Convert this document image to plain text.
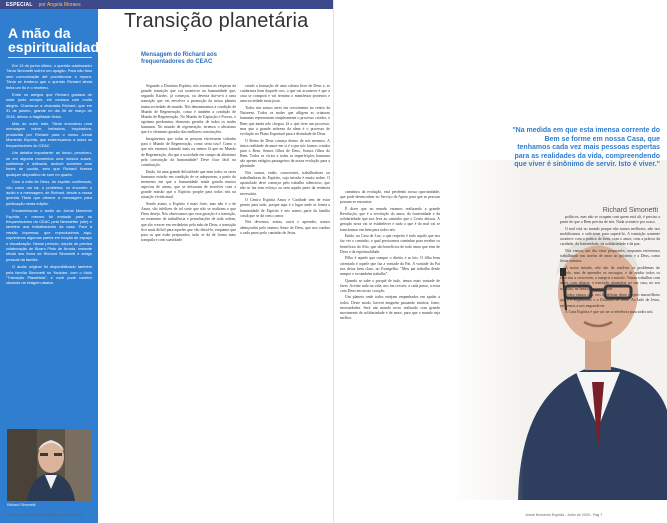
ESPECIAL por Angela Moraes
A mão da
espiritualidade

Em 13 de junho último, o querido colaborador Tânia Simonetti sofreu um apagão. Para não ficar sem comunicação até providenciar o reparo, Tânia se lembrou que o querido Richard ainda tinha um fio e o recebeu.

Entre os amigos que Richard gostava de estar junto sempre, ele contava com muita alegria. Chama-se a chamada Richard, que em 31 de janeiro, grande no dia 06 de março de 2018, deixou a fragilidade física.

Mas do outro lado, Tânia encontrou uma mensagem nobre, belíssima, inspiradora, produzida por Richard para o nosso Jornal Momento Espírita, que endereçamos a todos os frequentadores do CEAC.

Um detalhe importante: ao fundo, percebeu-se em alguma momentos uma música suave, subliminar e delicada, audível somente com fones de ouvido, sem que Richard tivesse qualquer dispositivo de som no quarto.

Com a mão de Deus, do espírito confirmado, não como um tal, o problema, no encontro o áudio e a mensagem, de Richard, desde a nossa querida Tânia que oferece a mensagem para publicação nesta edição.

Encaminhando o áudio ao Jornal Momento Espírita, o mesmo foi enviado para os frequentadores do CEAC pela Newsletter (site) e também aos trabalhadores da casa. Para a versão impressa, que reproduzimos aqui, suprimimos algumas partes em função de espaço e visualização. Nesse período, depois de previsa colaboração de Álvaro Pinto de Arruda, restante oficial dos livros de Richard Simonetti e amigo pessoal da família.

O áudio original fol disponibilizado também pela família Simonetti no Youtube, com o título "Transição Planetária", e você pode conferir clicando na imagem abaixo.

Richard Simonetti
Transição planetária
Mensagem do Richard aos frequentadores do CEAC

Segundo o Doutrina Espírita, nós estamos às vésperas da grande transição que vai acontecer na humanidade que, segundo Kardec, já começou, ou deveria dar-se-á a uma transição que vai envolver a promoção da nossa planeta numa sociedade de mundo. Nós denominamos a condição de Mundo de Regeneração, como é também a condição de Mundo de Regeneração. No Mundo de Expiação e Provas, o egoísmo predomina, elemento gerador de todos os males humanos. No mundo de regeneração, teremos o altruísmo que é o elemento gerador das melhores construções.

Imaginemos que todas as pessoas estivessem voltadas para o Mundo de Regeneração, como seria isso? Como o que nós estamos fazendo mais ou menos lá que no Mundo de Regeneração, dia que a sociedade em campo da altruísmo pela construção da humanidade? Deve ficar fácil na constituição.

Então, há uma grande dificuldade que nem todos os seres humanos estarão em condição de se adequarem, a partir do momento em que a humanidade ainda guarda muitos aspectos de atraso, que se deixaram de envolver com a grande missão que o Espírito propõe para todos nós na situação vivida atual.

Sendo assim, o Espírito é mais forte, mas não é o de Amor, são infelizes de tal sorte que não se realizam o que Deus deseja. Nós observamos que essa geração é a transição, no momento de turbulência e perturbações de toda ordem, que são crescer em verdadeiro pela mão de Deus; a transição fica mais difícil para aqueles que vão deixá-la, enquanto que para os que estão preparados, tudo se dá de forma mais tranquila e com suavidade.

vendo a formação de uma cultura livre de Deus e, se cuidarmos bem daquele ovo, o que vai acontecer é que a casa se comporá e vai termina o manifestar protestos e uma sociedade mais justa.

Todos nós somos seres em crescimento no centro da Natureza. Todos os males que afligem as criaturas humanas representam simplesmente o processo criador, o Bem que ainda não chegou. Já o que tiver um processo, mas que a grande nobreza da alma é o processo de evolução no Plano Espiritual para a divindade de Deus.

O Reino de Deus começa dentro de nós mesmos. A única realidade de amor em si é a que nós formos criados para o Bem. Somos filhos de Deus, Somos filhos do Bem. Todos os vícios e todas as imperfeições humanas são apenas estágios passageiros de nossa evolução para a plenitude.

Nós somos, então, conscientes, trabalhadores ou trabalhadoras do Espírito, cuja missão é muito nobre. O apostolado deve começar pelo trabalho silencioso, que não se faz sem esforço ou sem aquela parte da renúncia necessária.

O Centro Espírita Amor e Caridade tem de estar pronto para tudo, porque aqui é o lugar onde se forma a humanidade de Espírito e nós somos parte da família cristã que se dá com o amor.

Nós devemos, assim, ouvir e aprender, somos abençoados pelo imenso Amor de Deus, que nos conduz a cada passo pelo caminho de Jesus.

caminhos da evolução, está perdendo nossa oportunidade, que pode desencadear no Serviço de Apoio para que as pessoas possam se encontrar.

É dizer que no mundo estamos realizando a grande Revolução, que é a revolução do amor, da fraternidade e da solidariedade que nos leva ao caminho que o Cristo deixou. A geração nova vai se estabelecer e tudo o que é do mal vai se transformar em bem para todos nós.

Então, na Casa de Luz, o que respeito é tudo aquilo que nos faz ver o caminho, o qual precisamos caminhar para receber os benefícios do Alto, que são benefícios de todo amor que vem de Deus e da espiritualidade.

Filho é aquele que cumpre o direito e as leis. O filho bem orientado é aquele que faz a vontade do Pai. A vontade do Pai nos deixa bem claro, no Evangelho: "Meu pai trabalha desde sempre e eu também trabalho".

Quando se sabe o porquê de tudo, temos mais vontade de fazer. Aceitar tudo na vida, nos faz crescer, a cada passo, a estar com Deus em nosso coração.

Um planeta onde todos estejam empenhados em ajudar a todos. Deste modo, haverá ninguém passando miséria, fome, necessidades. Será um mundo novo realizado com grande movimento de solidariedade e de amor, para que o mundo seja melhor.

políticos, mas não se ocupam com quem está ali, é preciso a partir do que o Bem precisa de nós. Nada acontece por acaso.

O mal está no mundo porque não somos melhores, não nos mobilizamos o suficiente para superá-lo. A transição somente acontece com a prática do bem, com o amor, com a prática da caridade, da fraternidade, da solidariedade e da paz.

Nós vamos, um dia, estar preparados, enquanto estivermos trabalhando nas tarefas de amor ao próximo e a Deus, como Jesus ensinou.

A nossa missão, não são de resolver os problemas do mundo, mas de aprender os encargos, e de ajudar todos os espíritos a crescerem, a cumprir a missão. Vamos trabalhar com amor, com alegria, a transição planetária na sua casa, no seu trabalho, na família, na sociedade.

Todos vamos sim, nos beneficiar deste projeto maravilhoso que é o Espiritismo e a Doutrina de Deus. Ao lado de Jesus, estaremos a nos engrandecer.

A Casa Espírita é que vai ser a referência para todos nós.

"Na medida em que esta imensa corrente do Bem se forme em nossa Casa, que tenhamos cada vez mais pessoas espertas para as realidades da vida, compreendendo que viver é sinônimo de servir. Isto é viver."
Richard Simonetti
Pág 6 - Jornal Momento Espírita - Julho de 2020	Jornal Momento Espírita - Julho de 2020 - Pág 7
